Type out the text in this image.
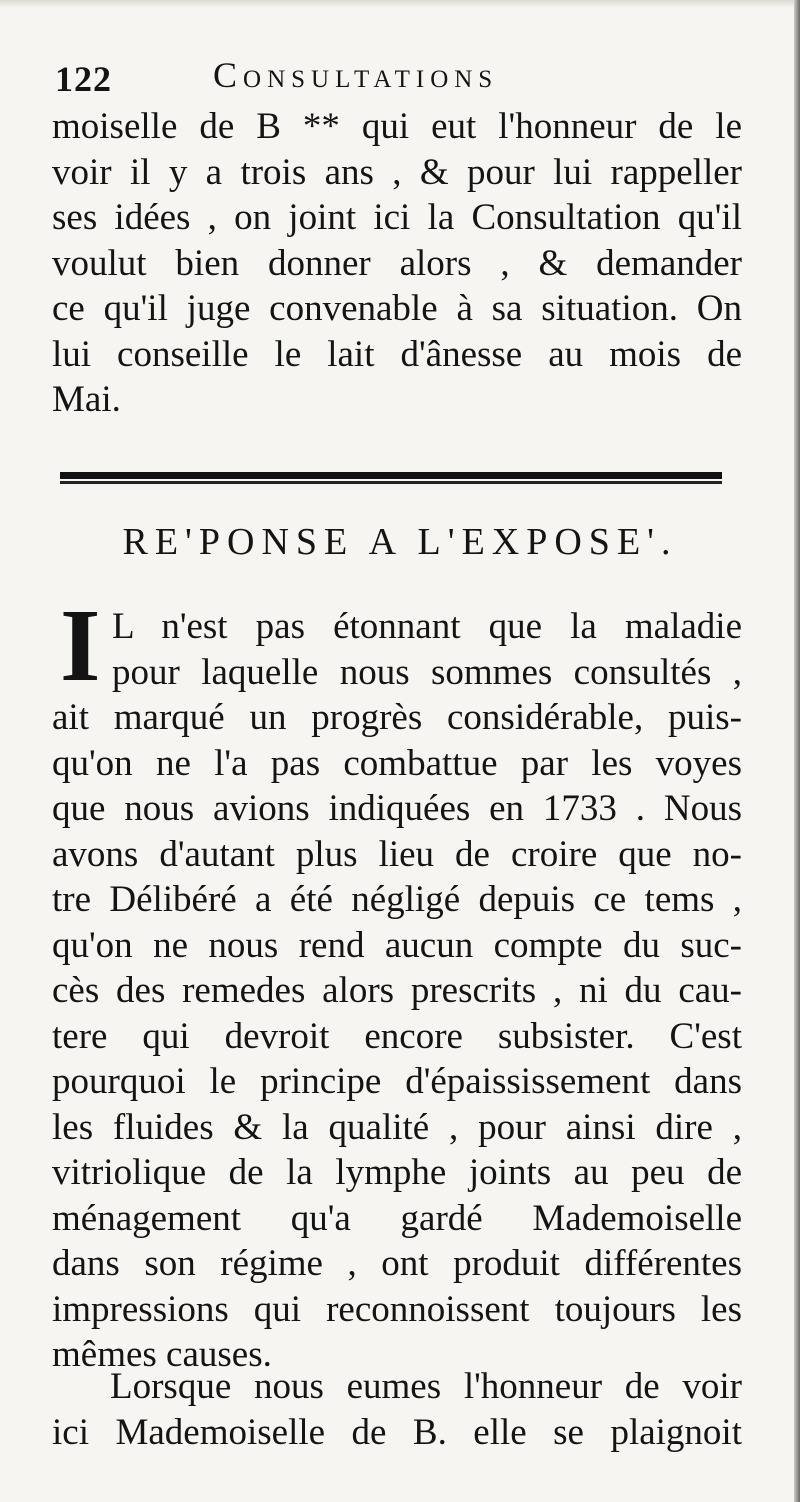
122	Consultations
moiselle de B ** qui eut l'honneur de le
voir il y a trois ans , & pour lui rappeller
ses idées , on joint ici la Consultation qu'il
voulut bien donner alors , & demander
ce qu'il juge convenable à sa situation. On
lui conseille le lait d'ânesse au mois de
Mai.
RE'PONSE A L'EXPOSE'.
I L n'est pas étonnant que la maladie
pour laquelle nous sommes consultés ,
ait marqué un progrès considérable, puis-
qu'on ne l'a pas combattue par les voyes
que nous avions indiquées en 1733 . Nous
avons d'autant plus lieu de croire que no-
tre Délibéré a été négligé depuis ce tems ,
qu'on ne nous rend aucun compte du suc-
cès des remedes alors prescrits , ni du cau-
tere qui devroit encore subsister. C'est
pourquoi le principe d'épaississement dans
les fluides & la qualité , pour ainsi dire ,
vitriolique de la lymphe joints au peu de
ménagement qu'a gardé Mademoiselle
dans son régime , ont produit différentes
impressions qui reconnoissent toujours les
mêmes causes.
Lorsque nous eumes l'honneur de voir
ici Mademoiselle de B. elle se plaignoit
